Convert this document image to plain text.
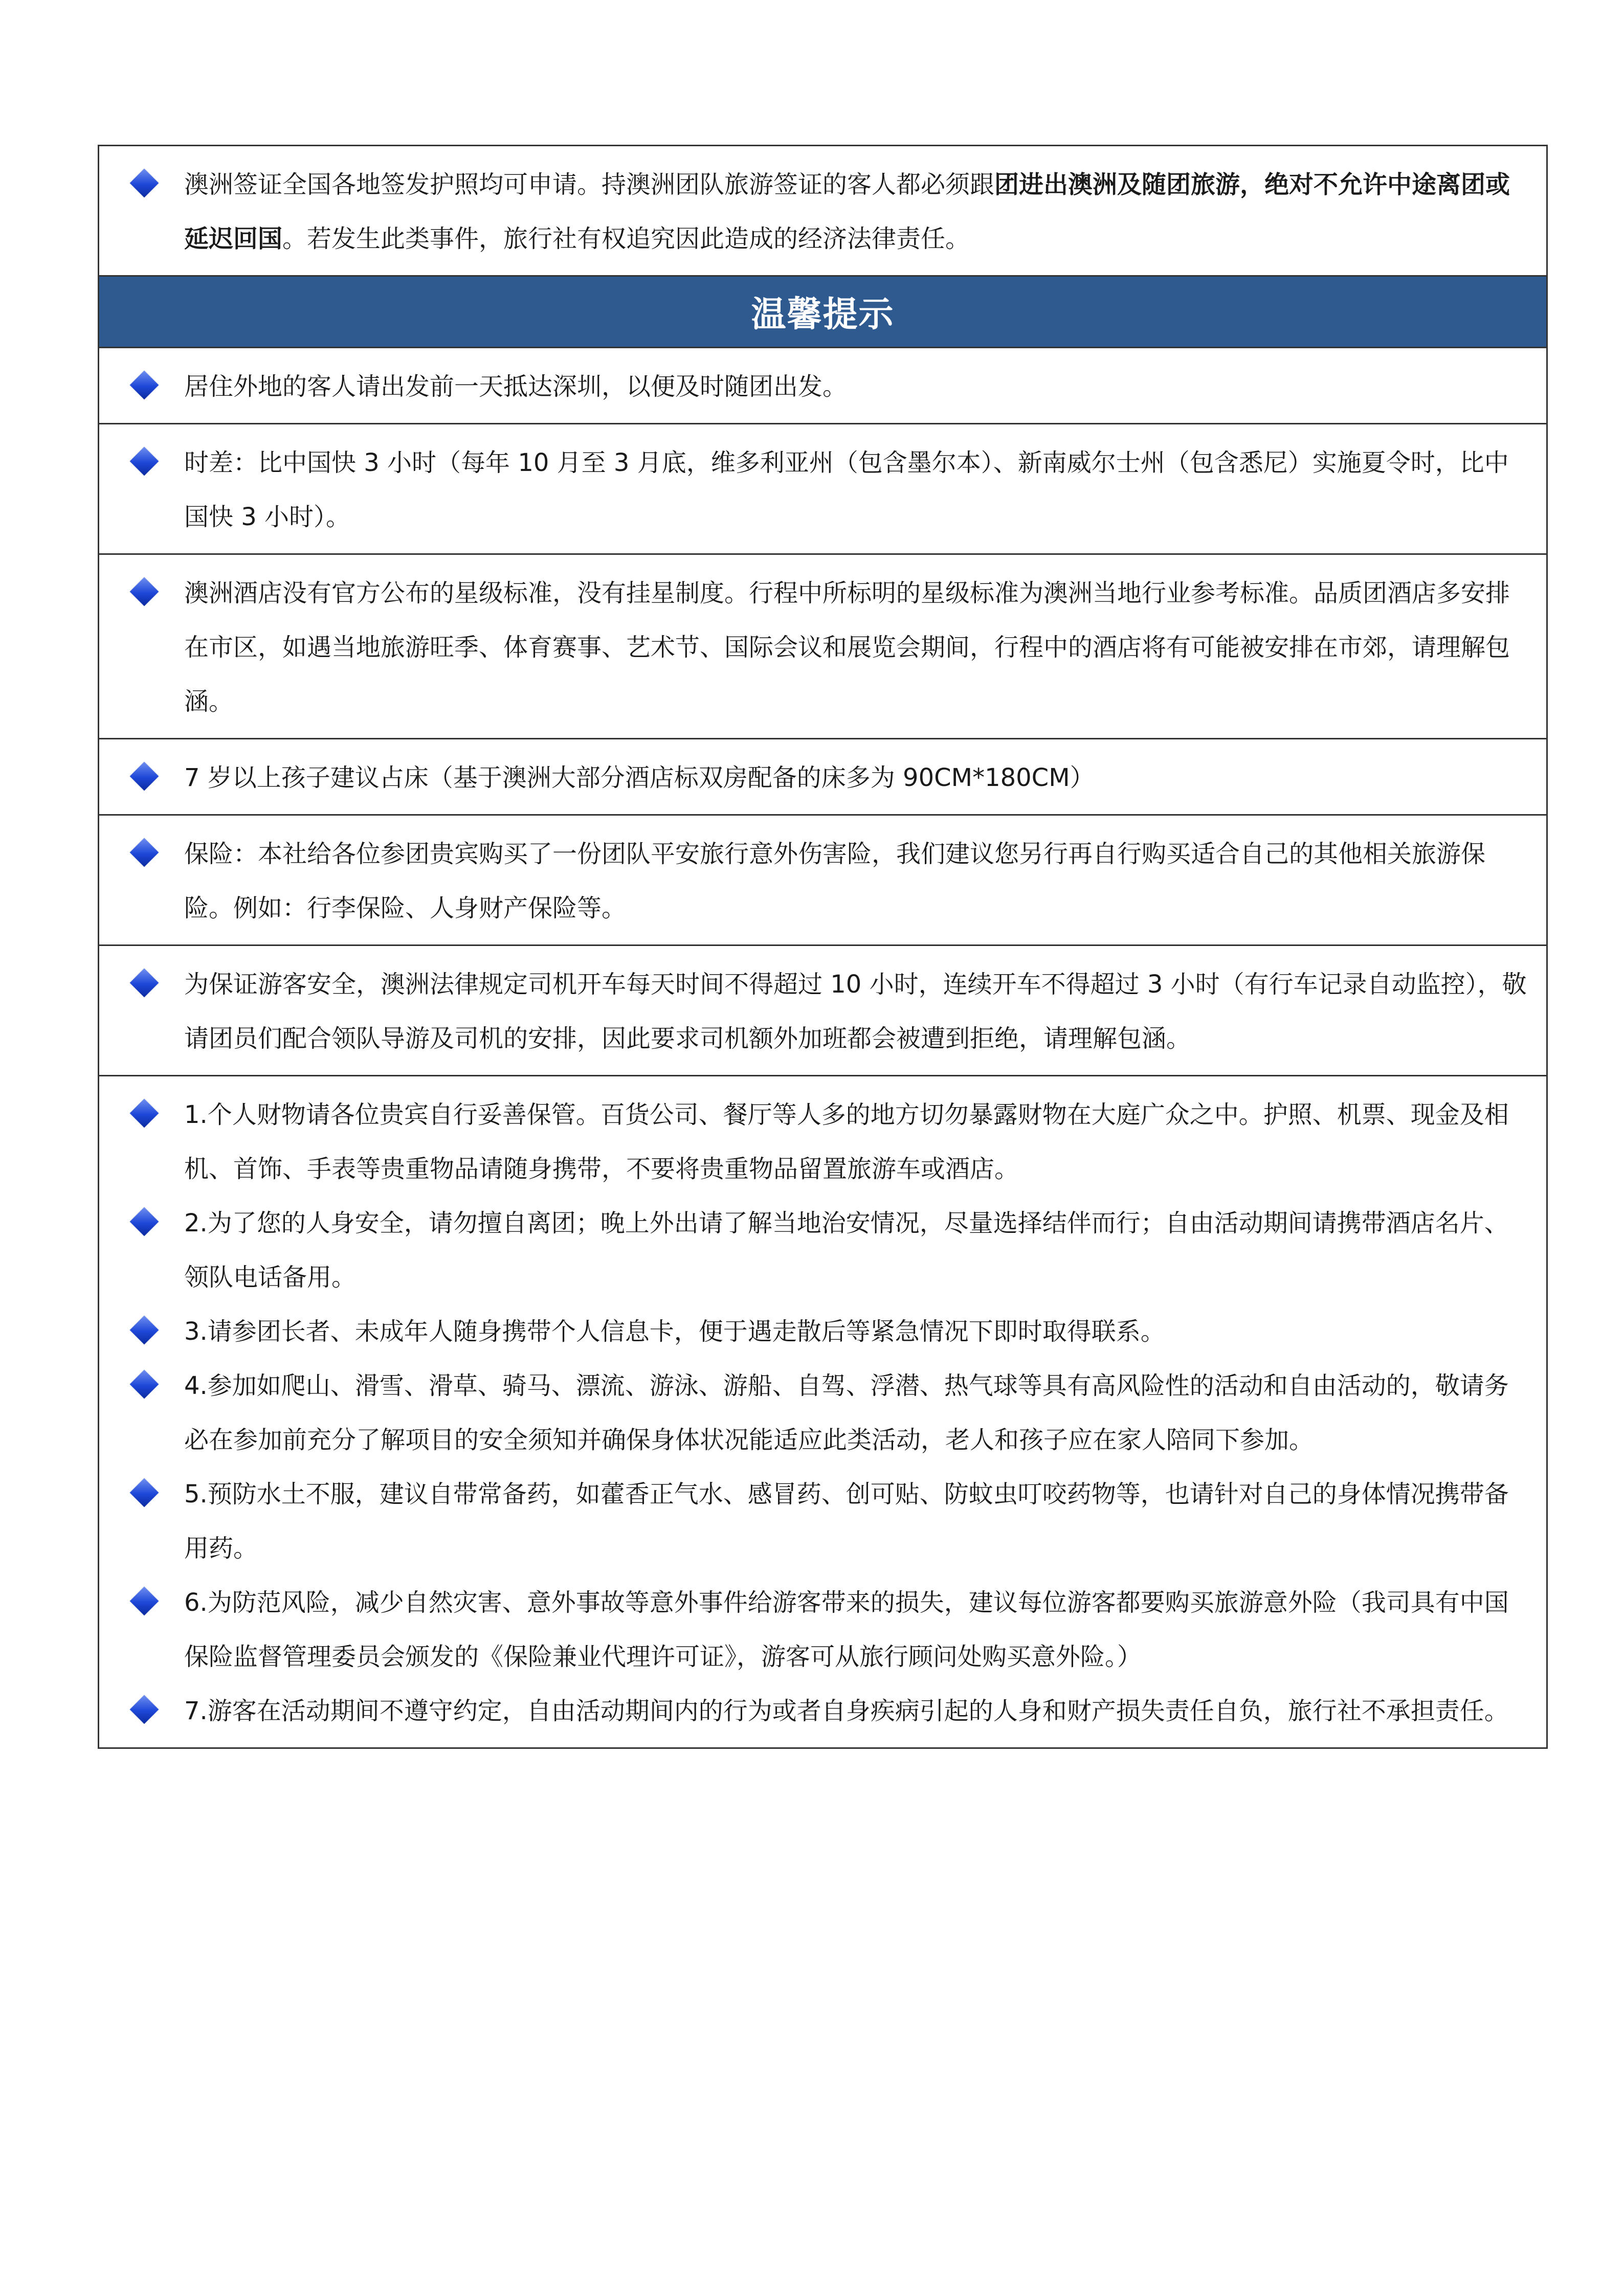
澳洲签证全国各地签发护照均可申请。持澳洲团队旅游签证的客人都必须跟团进出澳洲及随团旅游，绝对不允许中途离团或延迟回国。若发生此类事件，旅行社有权追究因此造成的经济法律责任。
温馨提示
居住外地的客人请出发前一天抵达深圳，以便及时随团出发。
时差：比中国快 3 小时（每年 10 月至 3 月底，维多利亚州（包含墨尔本）、新南威尔士州（包含悉尼）实施夏令时，比中国快 3 小时）。
澳洲酒店没有官方公布的星级标准，没有挂星制度。行程中所标明的星级标准为澳洲当地行业参考标准。品质团酒店多安排在市区，如遇当地旅游旺季、体育赛事、艺术节、国际会议和展览会期间，行程中的酒店将有可能被安排在市郊，请理解包涵。
7 岁以上孩子建议占床（基于澳洲大部分酒店标双房配备的床多为 90CM*180CM）
保险：本社给各位参团贵宾购买了一份团队平安旅行意外伤害险，我们建议您另行再自行购买适合自己的其他相关旅游保险。例如：行李保险、人身财产保险等。
为保证游客安全，澳洲法律规定司机开车每天时间不得超过 10 小时，连续开车不得超过 3 小时（有行车记录自动监控），敬请团员们配合领队导游及司机的安排，因此要求司机额外加班都会被遭到拒绝，请理解包涵。
1.个人财物请各位贵宾自行妥善保管。百货公司、餐厅等人多的地方切勿暴露财物在大庭广众之中。护照、机票、现金及相机、首饰、手表等贵重物品请随身携带，不要将贵重物品留置旅游车或酒店。
2.为了您的人身安全，请勿擅自离团；晚上外出请了解当地治安情况，尽量选择结伴而行；自由活动期间请携带酒店名片、领队电话备用。
3.请参团长者、未成年人随身携带个人信息卡，便于遇走散后等紧急情况下即时取得联系。
4.参加如爬山、滑雪、滑草、骑马、漂流、游泳、游船、自驾、浮潜、热气球等具有高风险性的活动和自由活动的，敬请务必在参加前充分了解项目的安全须知并确保身体状况能适应此类活动，老人和孩子应在家人陪同下参加。
5.预防水土不服，建议自带常备药，如藿香正气水、感冒药、创可贴、防蚊虫叮咬药物等，也请针对自己的身体情况携带备用药。
6.为防范风险，减少自然灾害、意外事故等意外事件给游客带来的损失，建议每位游客都要购买旅游意外险（我司具有中国保险监督管理委员会颁发的《保险兼业代理许可证》，游客可从旅行顾问处购买意外险。）
7.游客在活动期间不遵守约定，自由活动期间内的行为或者自身疾病引起的人身和财产损失责任自负，旅行社不承担责任。
